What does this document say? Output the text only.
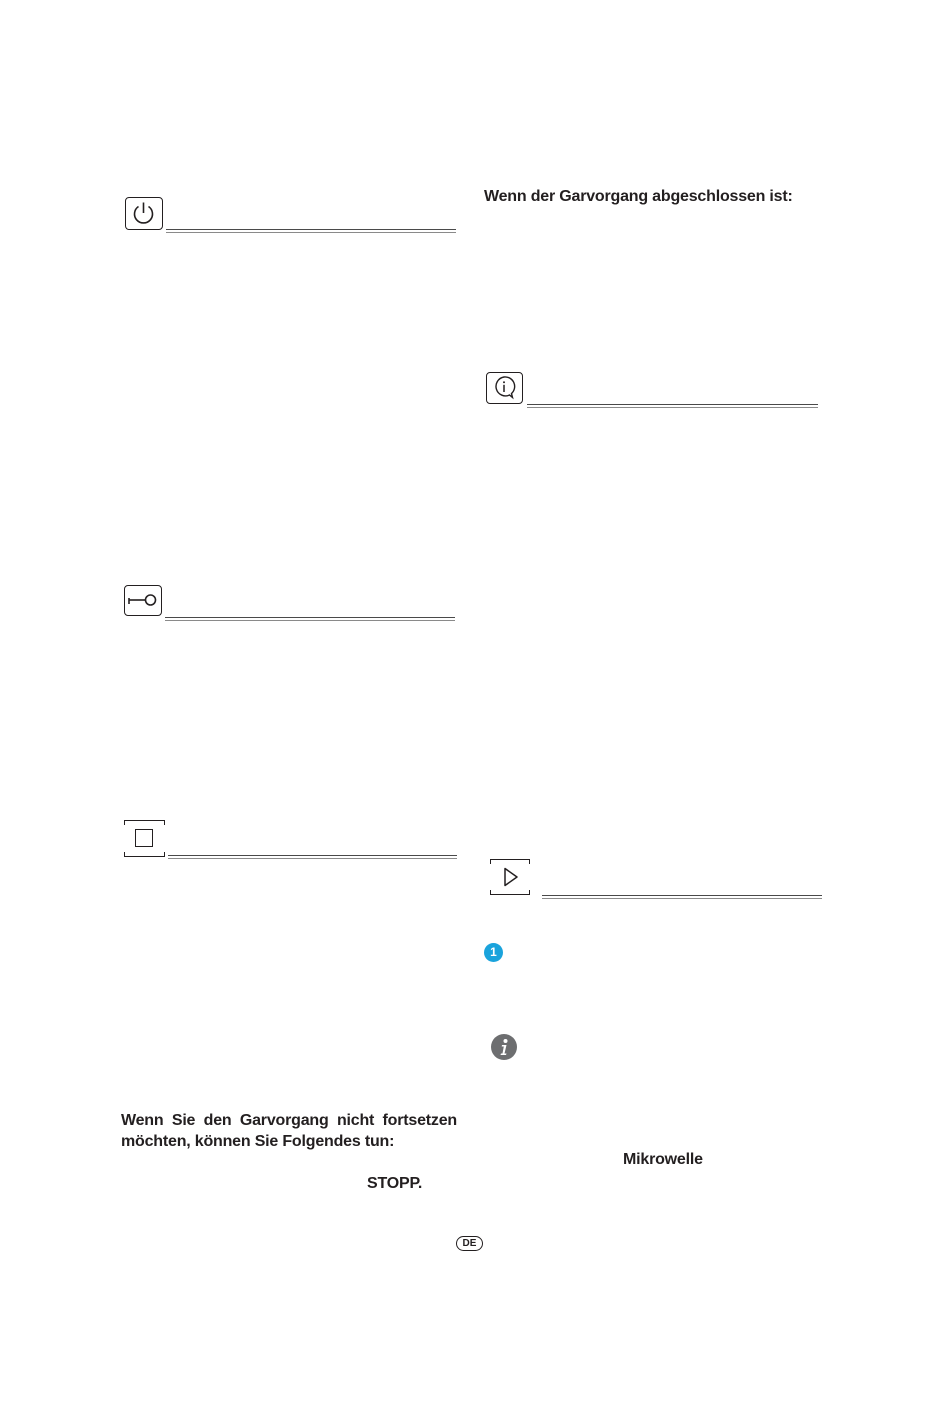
Wenn Sie den Garvorgang nicht fortsetzen
möchten, können Sie Folgendes tun:
STOPP.
Wenn der Garvorgang abgeschlossen ist:
1
Mikrowelle
DE
